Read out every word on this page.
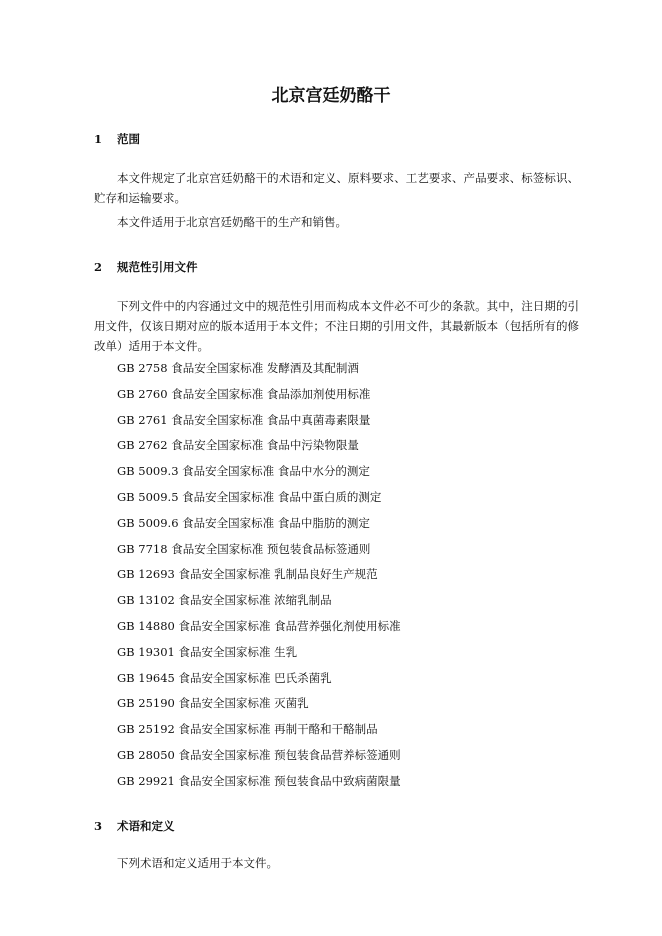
北京宫廷奶酪干
1 范围

本文件规定了北京宫廷奶酪干的术语和定义、原料要求、工艺要求、产品要求、标签标识、贮存和运输要求。

本文件适用于北京宫廷奶酪干的生产和销售。

2 规范性引用文件

下列文件中的内容通过文中的规范性引用而构成本文件必不可少的条款。其中，注日期的引用文件，仅该日期对应的版本适用于本文件；不注日期的引用文件，其最新版本（包括所有的修改单）适用于本文件。

GB 2758 食品安全国家标准 发酵酒及其配制酒
GB 2760 食品安全国家标准 食品添加剂使用标准
GB 2761 食品安全国家标准 食品中真菌毒素限量
GB 2762 食品安全国家标准 食品中污染物限量
GB 5009.3 食品安全国家标准 食品中水分的测定
GB 5009.5 食品安全国家标准 食品中蛋白质的测定
GB 5009.6 食品安全国家标准 食品中脂肪的测定
GB 7718 食品安全国家标准 预包装食品标签通则
GB 12693 食品安全国家标准 乳制品良好生产规范
GB 13102 食品安全国家标准 浓缩乳制品
GB 14880 食品安全国家标准 食品营养强化剂使用标准
GB 19301 食品安全国家标准 生乳
GB 19645 食品安全国家标准 巴氏杀菌乳
GB 25190 食品安全国家标准 灭菌乳
GB 25192 食品安全国家标准 再制干酪和干酪制品
GB 28050 食品安全国家标准 预包装食品营养标签通则
GB 29921 食品安全国家标准 预包装食品中致病菌限量
3 术语和定义

下列术语和定义适用于本文件。
